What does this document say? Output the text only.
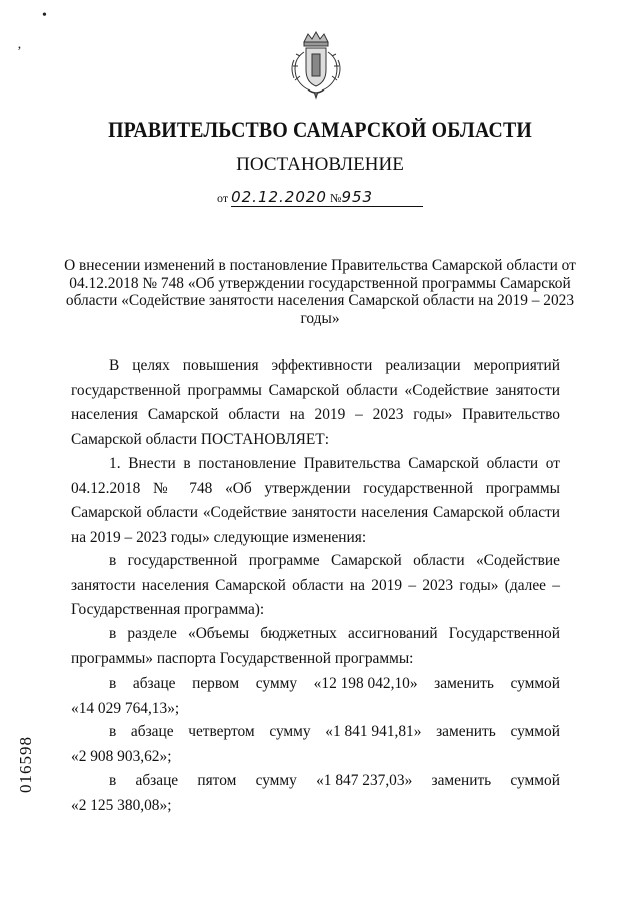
•
‚
ПРАВИТЕЛЬСТВО САМАРСКОЙ ОБЛАСТИ
ПОСТАНОВЛЕНИЕ
от 02.12.2020 №953
О внесении изменений в постановление Правительства Самарской области от 04.12.2018 № 748 «Об утверждении государственной программы Самарской области «Содействие занятости населения Самарской области на 2019 – 2023 годы»
В целях повышения эффективности реализации мероприятий государственной программы Самарской области «Содействие занятости населения Самарской области на 2019 – 2023 годы» Правительство Самарской области ПОСТАНОВЛЯЕТ:
1. Внести в постановление Правительства Самарской области от 04.12.2018 № 748 «Об утверждении государственной программы Самарской области «Содействие занятости населения Самарской области на 2019 – 2023 годы» следующие изменения:
в государственной программе Самарской области «Содействие занятости населения Самарской области на 2019 – 2023 годы» (далее – Государственная программа):
в разделе «Объемы бюджетных ассигнований Государственной программы» паспорта Государственной программы:
в абзаце первом сумму «12 198 042,10» заменить суммой
«14 029 764,13»;
в абзаце четвертом сумму «1 841 941,81» заменить суммой
«2 908 903,62»;
в абзаце пятом сумму «1 847 237,03» заменить суммой
«2 125 380,08»;
016598
